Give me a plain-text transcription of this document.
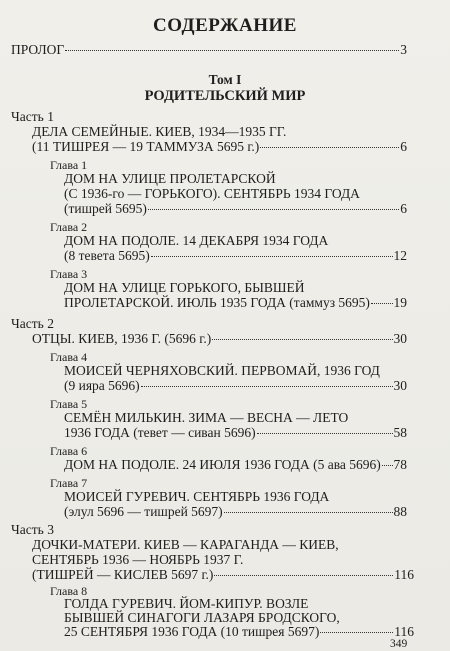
СОДЕРЖАНИЕ
ПРОЛОГ	3
Том I
РОДИТЕЛЬСКИЙ МИР
Часть 1
ДЕЛА СЕМЕЙНЫЕ. КИЕВ, 1934—1935 ГГ.
(11 ТИШРЕЯ — 19 ТАММУЗА 5695 г.)	6
Глава 1
ДОМ НА УЛИЦЕ ПРОЛЕТАРСКОЙ
(С 1936-го — ГОРЬКОГО). СЕНТЯБРЬ 1934 ГОДА
(тишрей 5695)	6
Глава 2
ДОМ НА ПОДОЛЕ. 14 ДЕКАБРЯ 1934 ГОДА
(8 тевета 5695)	12
Глава 3
ДОМ НА УЛИЦЕ ГОРЬКОГО, БЫВШЕЙ
ПРОЛЕТАРСКОЙ. ИЮЛЬ 1935 ГОДА (таммуз 5695) 19
Часть 2
ОТЦЫ. КИЕВ, 1936 Г. (5696 г.)	30
Глава 4
МОИСЕЙ ЧЕРНЯХОВСКИЙ. ПЕРВОМАЙ, 1936 ГОД
(9 ияра 5696)	30
Глава 5
СЕМЁН МИЛЬКИН. ЗИМА — ВЕСНА — ЛЕТО
1936 ГОДА (тевет — сиван 5696)	58
Глава 6
ДОМ НА ПОДОЛЕ. 24 ИЮЛЯ 1936 ГОДА (5 ава 5696) 78
Глава 7
МОИСЕЙ ГУРЕВИЧ. СЕНТЯБРЬ 1936 ГОДА
(элул 5696 — тишрей 5697)	88
Часть 3
ДОЧКИ-МАТЕРИ. КИЕВ — КАРАГАНДА — КИЕВ,
СЕНТЯБРЬ 1936 — НОЯБРЬ 1937 Г.
(ТИШРЕЙ — КИСЛЕВ 5697 г.)	116
Глава 8
ГОЛДА ГУРЕВИЧ. ЙОМ-КИПУР. ВОЗЛЕ
БЫВШЕЙ СИНАГОГИ ЛАЗАРЯ БРОДСКОГО,
25 СЕНТЯБРЯ 1936 ГОДА (10 тишрея 5697)	116
349
